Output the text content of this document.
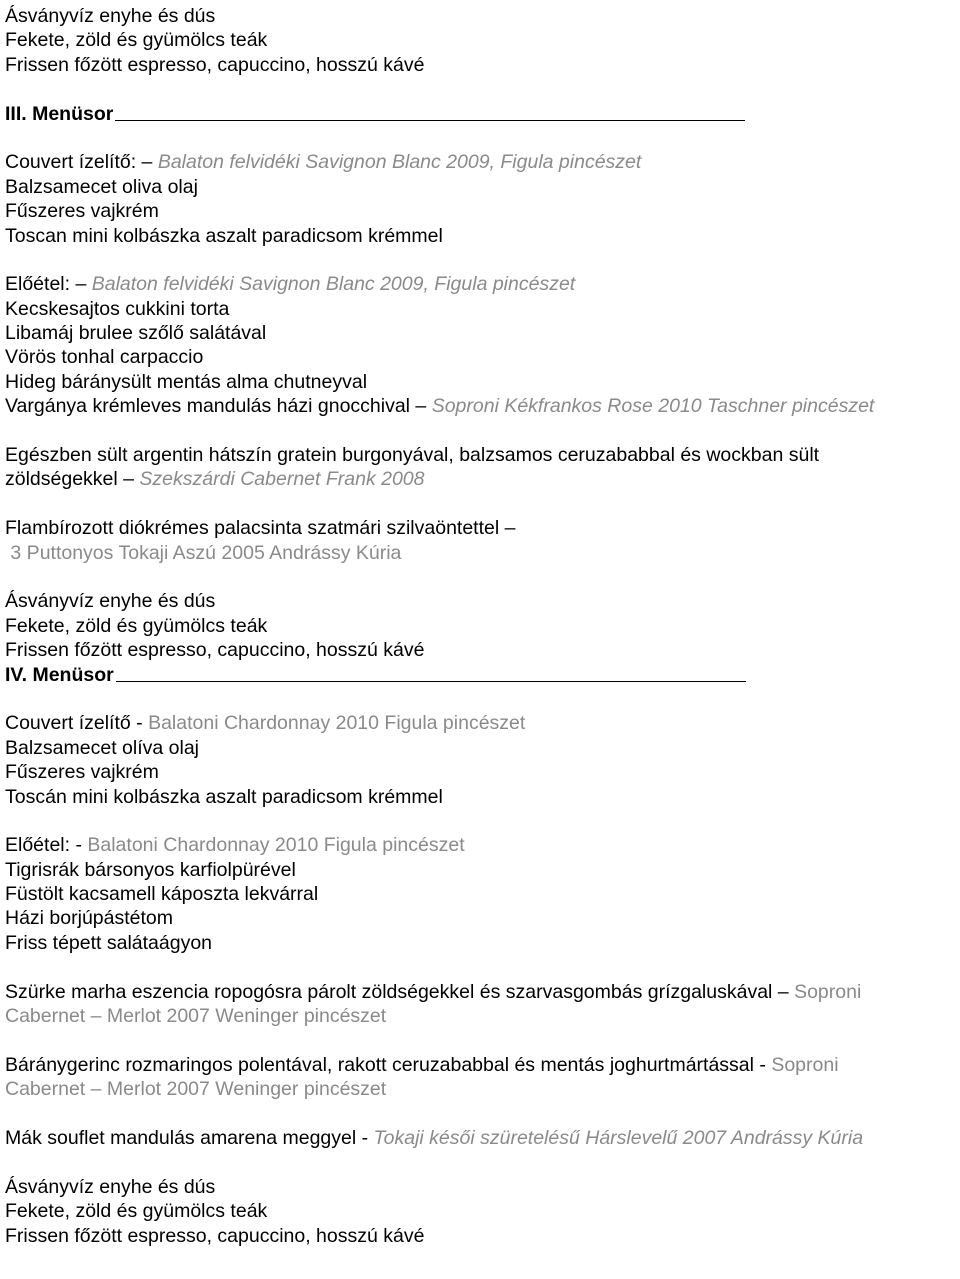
Ásványvíz enyhe és dús
Fekete, zöld és gyümölcs teák
Frissen főzött espresso, capuccino, hosszú kávé
III. Menüsor
Couvert ízelítő: – Balaton felvidéki Savignon Blanc 2009, Figula pincészet
Balzsamecet oliva olaj
Fűszeres vajkrém
Toscan mini kolbászka aszalt paradicsom krémmel
Előétel: – Balaton felvidéki Savignon Blanc 2009, Figula pincészet
Kecskesajtos cukkini torta
Libamáj brulee szőlő salátával
Vörös tonhal carpaccio
Hideg báránysült mentás alma chutneyval
Vargánya krémleves mandulás házi gnocchival – Soproni Kékfrankos Rose 2010 Taschner pincészet
Egészben sült argentin hátszín gratein burgonyával, balzsamos ceruzababbal és wockban sült
zöldségekkel – Szekszárdi Cabernet Frank 2008
Flambírozott diókrémes palacsinta szatmári szilvaöntettel –
3 Puttonyos Tokaji Aszú 2005 Andrássy Kúria
Ásványvíz enyhe és dús
Fekete, zöld és gyümölcs teák
Frissen főzött espresso, capuccino, hosszú kávé
IV. Menüsor
Couvert ízelítő - Balatoni Chardonnay 2010 Figula pincészet
Balzsamecet olíva olaj
Fűszeres vajkrém
Toscán mini kolbászka aszalt paradicsom krémmel
Előétel: - Balatoni Chardonnay 2010 Figula pincészet
Tigrisrák bársonyos karfiolpürével
Füstölt kacsamell káposzta lekvárral
Házi borjúpástétom
Friss tépett salátaágyon
Szürke marha eszencia ropogósra párolt zöldségekkel és szarvasgombás grízgaluskával – Soproni
Cabernet – Merlot 2007 Weninger pincészet
Báránygerinc rozmaringos polentával, rakott ceruzababbal és mentás joghurtmártással - Soproni
Cabernet – Merlot 2007 Weninger pincészet
Mák souflet mandulás amarena meggyel - Tokaji késői szüretelésű Hárslevelű 2007 Andrássy Kúria
Ásványvíz enyhe és dús
Fekete, zöld és gyümölcs teák
Frissen főzött espresso, capuccino, hosszú kávé
